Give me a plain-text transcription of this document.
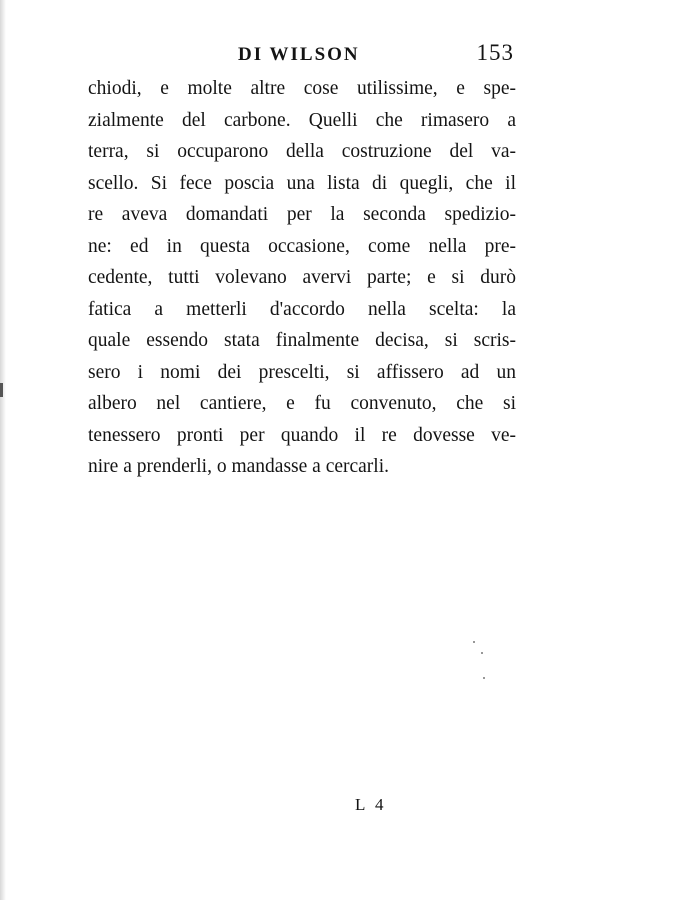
DI WILSON	153
chiodi, e molte altre cose utilissime, e spe-
zialmente del carbone. Quelli che rimasero a
terra, si occuparono della costruzione del va-
scello. Si fece poscia una lista di quegli, che il
re aveva domandati per la seconda spedizio-
ne: ed in questa occasione, come nella pre-
cedente, tutti volevano avervi parte; e si durò
fatica a metterli d'accordo nella scelta: la
quale essendo stata finalmente decisa, si scris-
sero i nomi dei prescelti, si affissero ad un
albero nel cantiere, e fu convenuto, che si
tenessero pronti per quando il re dovesse ve-
nire a prenderli, o mandasse a cercarli.
L 4
